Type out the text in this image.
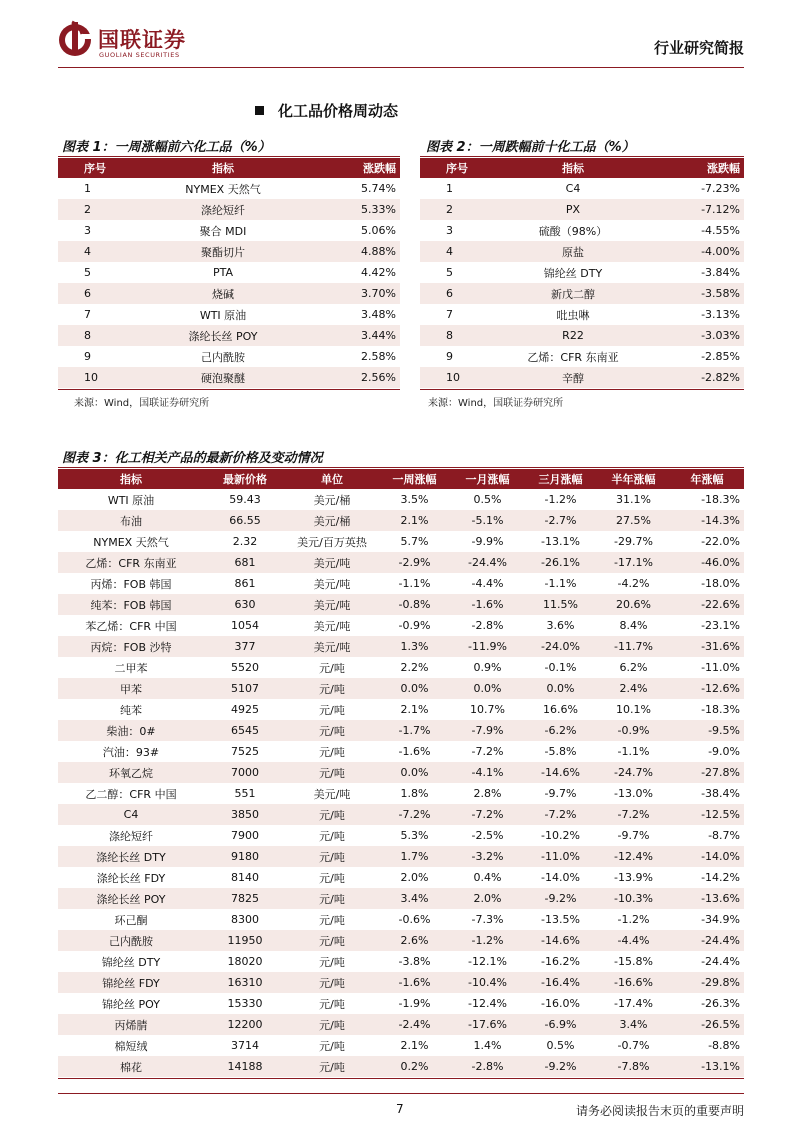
国联证券
GUOLIAN SECURITIES	行业研究简报
化工品价格周动态
图表 1：一周涨幅前六化工品（%）
序号	指标	涨跌幅
1	NYMEX 天然气	5.74%
2	涤纶短纤	5.33%
3	聚合 MDI	5.06%
4	聚酯切片	4.88%
5	PTA	4.42%
6	烧碱	3.70%
7	WTI 原油	3.48%
8	涤纶长丝 POY	3.44%
9	己内酰胺	2.58%
10	硬泡聚醚	2.56%
来源：Wind，国联证券研究所
图表 2：一周跌幅前十化工品（%）
序号	指标	涨跌幅
1	C4	-7.23%
2	PX	-7.12%
3	硫酸（98%）	-4.55%
4	原盐	-4.00%
5	锦纶丝 DTY	-3.84%
6	新戊二醇	-3.58%
7	吡虫啉	-3.13%
8	R22	-3.03%
9	乙烯：CFR 东南亚	-2.85%
10	辛醇	-2.82%
来源：Wind，国联证券研究所
图表 3：化工相关产品的最新价格及变动情况
指标	最新价格	单位	一周涨幅	一月涨幅	三月涨幅	半年涨幅	年涨幅
WTI 原油	59.43	美元/桶	3.5%	0.5%	-1.2%	31.1%	-18.3%
布油	66.55	美元/桶	2.1%	-5.1%	-2.7%	27.5%	-14.3%
NYMEX 天然气	2.32	美元/百万英热	5.7%	-9.9%	-13.1%	-29.7%	-22.0%
乙烯：CFR 东南亚	681	美元/吨	-2.9%	-24.4%	-26.1%	-17.1%	-46.0%
丙烯：FOB 韩国	861	美元/吨	-1.1%	-4.4%	-1.1%	-4.2%	-18.0%
纯苯：FOB 韩国	630	美元/吨	-0.8%	-1.6%	11.5%	20.6%	-22.6%
苯乙烯：CFR 中国	1054	美元/吨	-0.9%	-2.8%	3.6%	8.4%	-23.1%
丙烷：FOB 沙特	377	美元/吨	1.3%	-11.9%	-24.0%	-11.7%	-31.6%
二甲苯	5520	元/吨	2.2%	0.9%	-0.1%	6.2%	-11.0%
甲苯	5107	元/吨	0.0%	0.0%	0.0%	2.4%	-12.6%
纯苯	4925	元/吨	2.1%	10.7%	16.6%	10.1%	-18.3%
柴油：0#	6545	元/吨	-1.7%	-7.9%	-6.2%	-0.9%	-9.5%
汽油：93#	7525	元/吨	-1.6%	-7.2%	-5.8%	-1.1%	-9.0%
环氧乙烷	7000	元/吨	0.0%	-4.1%	-14.6%	-24.7%	-27.8%
乙二醇：CFR 中国	551	美元/吨	1.8%	2.8%	-9.7%	-13.0%	-38.4%
C4	3850	元/吨	-7.2%	-7.2%	-7.2%	-7.2%	-12.5%
涤纶短纤	7900	元/吨	5.3%	-2.5%	-10.2%	-9.7%	-8.7%
涤纶长丝 DTY	9180	元/吨	1.7%	-3.2%	-11.0%	-12.4%	-14.0%
涤纶长丝 FDY	8140	元/吨	2.0%	0.4%	-14.0%	-13.9%	-14.2%
涤纶长丝 POY	7825	元/吨	3.4%	2.0%	-9.2%	-10.3%	-13.6%
环己酮	8300	元/吨	-0.6%	-7.3%	-13.5%	-1.2%	-34.9%
己内酰胺	11950	元/吨	2.6%	-1.2%	-14.6%	-4.4%	-24.4%
锦纶丝 DTY	18020	元/吨	-3.8%	-12.1%	-16.2%	-15.8%	-24.4%
锦纶丝 FDY	16310	元/吨	-1.6%	-10.4%	-16.4%	-16.6%	-29.8%
锦纶丝 POY	15330	元/吨	-1.9%	-12.4%	-16.0%	-17.4%	-26.3%
丙烯腈	12200	元/吨	-2.4%	-17.6%	-6.9%	3.4%	-26.5%
棉短绒	3714	元/吨	2.1%	1.4%	0.5%	-0.7%	-8.8%
棉花	14188	元/吨	0.2%	-2.8%	-9.2%	-7.8%	-13.1%
7	请务必阅读报告末页的重要声明
